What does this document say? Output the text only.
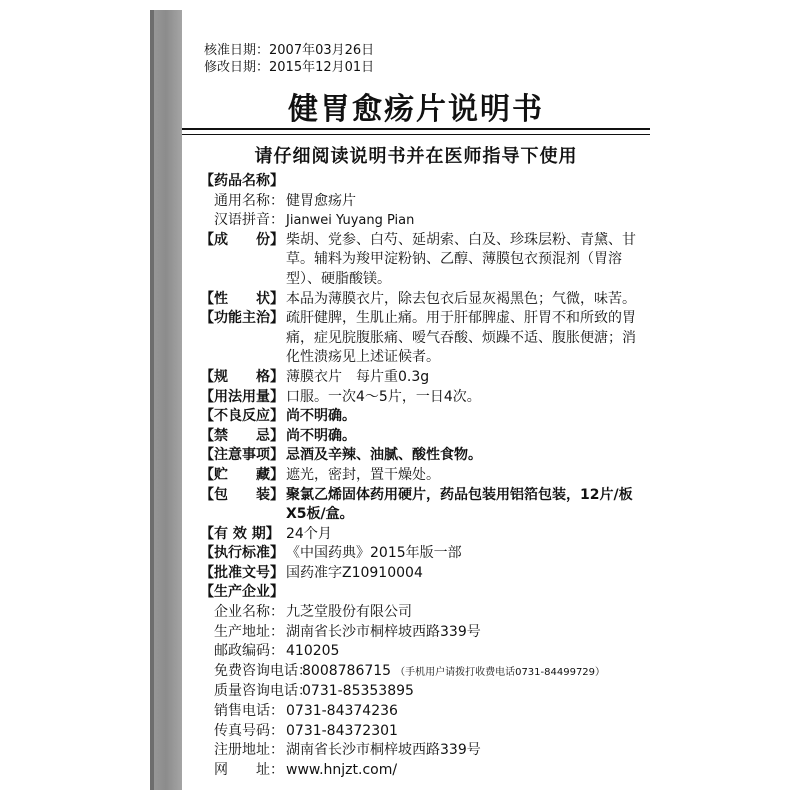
核准日期：2007年03月26日
修改日期：2015年12月01日
健胃愈疡片说明书
请仔细阅读说明书并在医师指导下使用
【药品名称】
通用名称： 健胃愈疡片
汉语拼音： Jianwei Yuyang Pian
【成　　份】 柴胡、党参、白芍、延胡索、白及、珍珠层粉、青黛、甘草。辅料为羧甲淀粉钠、乙醇、薄膜包衣预混剂（胃溶型）、硬脂酸镁。
【性　　状】 本品为薄膜衣片，除去包衣后显灰褐黑色；气微，味苦。
【功能主治】 疏肝健脾，生肌止痛。用于肝郁脾虚、肝胃不和所致的胃痛，症见脘腹胀痛、嗳气吞酸、烦躁不适、腹胀便溏；消化性溃疡见上述证候者。
【规　　格】 薄膜衣片　每片重0.3g
【用法用量】 口服。一次4～5片，一日4次。
【不良反应】 尚不明确。
【禁　　忌】 尚不明确。
【注意事项】 忌酒及辛辣、油腻、酸性食物。
【贮　　藏】 遮光，密封，置干燥处。
【包　　装】 聚氯乙烯固体药用硬片，药品包装用铝箔包装，12片/板X5板/盒。
【有 效 期】 24个月
【执行标准】 《中国药典》2015年版一部
【批准文号】 国药准字Z10910004
【生产企业】
企业名称： 九芝堂股份有限公司
生产地址： 湖南省长沙市桐梓坡西路339号
邮政编码： 410205
免费咨询电话：
8008786715 （手机用户请拨打收费电话0731-84499729）
质量咨询电话：
0731-85353895
销售电话： 0731-84374236
传真号码： 0731-84372301
注册地址： 湖南省长沙市桐梓坡西路339号
网　　址： www.hnjzt.com/
